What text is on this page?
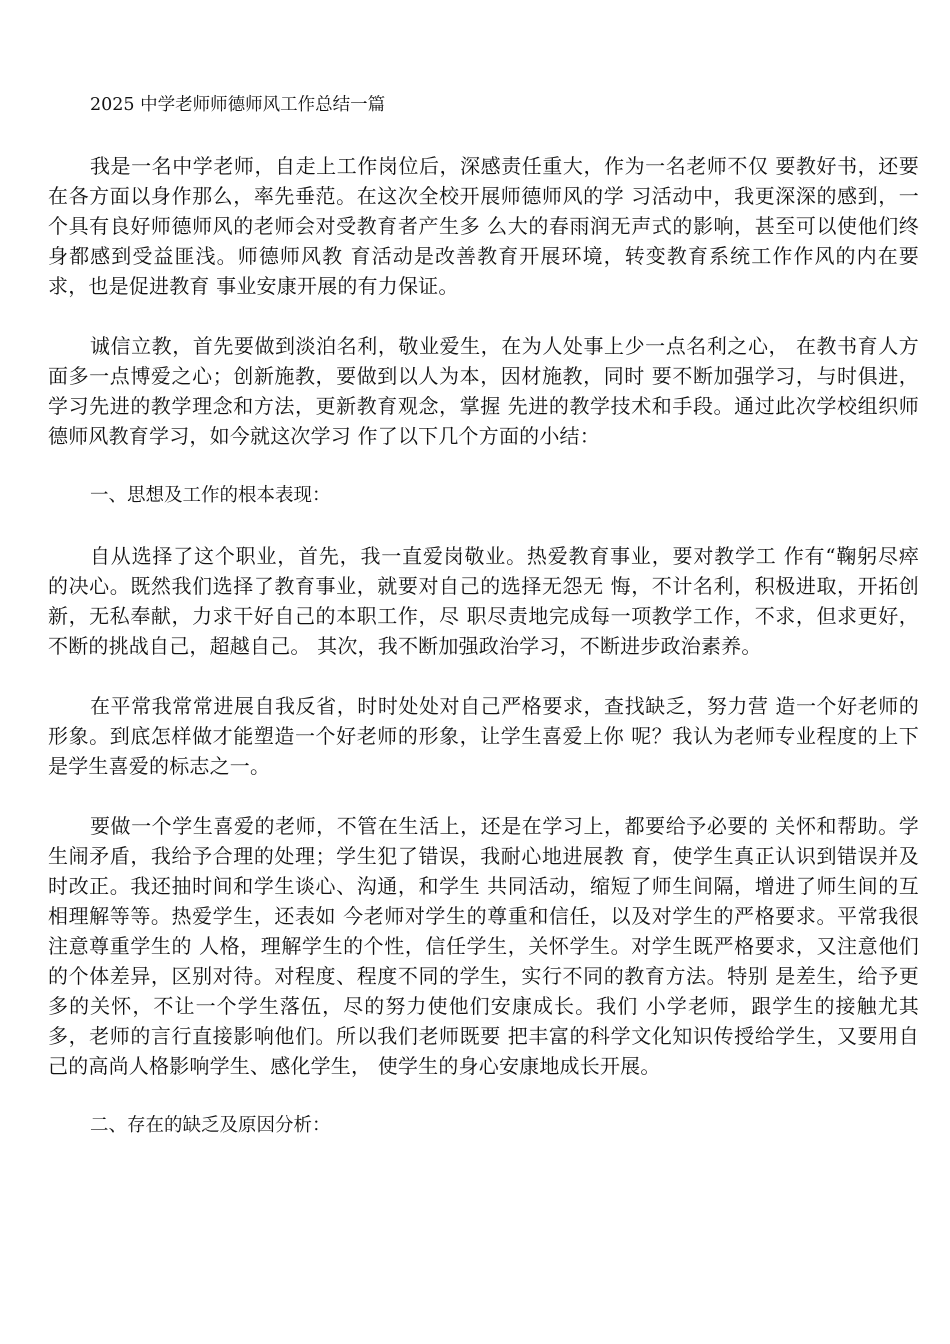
2025 中学老师师德师风工作总结一篇

我是一名中学老师，自走上工作岗位后，深感责任重大，作为一名老师不仅 要教好书，还要在各方面以身作那么，率先垂范。在这次全校开展师德师风的学 习活动中，我更深深的感到，一个具有良好师德师风的老师会对受教育者产生多 么大的春雨润无声式的影响，甚至可以使他们终身都感到受益匪浅。师德师风教 育活动是改善教育开展环境，转变教育系统工作作风的内在要求，也是促进教育 事业安康开展的有力保证。

诚信立教，首先要做到淡泊名利，敬业爱生，在为人处事上少一点名利之心， 在教书育人方面多一点博爱之心；创新施教，要做到以人为本，因材施教，同时 要不断加强学习，与时俱进，学习先进的教学理念和方法，更新教育观念，掌握 先进的教学技术和手段。通过此次学校组织师德师风教育学习，如今就这次学习 作了以下几个方面的小结：

一、思想及工作的根本表现：

自从选择了这个职业，首先，我一直爱岗敬业。热爱教育事业，要对教学工 作有“鞠躬尽瘁 的决心。既然我们选择了教育事业，就要对自己的选择无怨无 悔，不计名利，积极进取，开拓创新，无私奉献，力求干好自己的本职工作，尽 职尽责地完成每一项教学工作，不求，但求更好，不断的挑战自己，超越自己。 其次，我不断加强政治学习，不断进步政治素养。

在平常我常常进展自我反省，时时处处对自己严格要求，查找缺乏，努力营 造一个好老师的形象。到底怎样做才能塑造一个好老师的形象，让学生喜爱上你 呢？我认为老师专业程度的上下是学生喜爱的标志之一。

要做一个学生喜爱的老师，不管在生活上，还是在学习上，都要给予必要的 关怀和帮助。学生闹矛盾，我给予合理的处理；学生犯了错误，我耐心地进展教 育，使学生真正认识到错误并及时改正。我还抽时间和学生谈心、沟通，和学生 共同活动，缩短了师生间隔，增进了师生间的互相理解等等。热爱学生，还表如 今老师对学生的尊重和信任，以及对学生的严格要求。平常我很注意尊重学生的 人格，理解学生的个性，信任学生，关怀学生。对学生既严格要求，又注意他们 的个体差异，区别对待。对程度、程度不同的学生，实行不同的教育方法。特别 是差生，给予更多的关怀，不让一个学生落伍，尽的努力使他们安康成长。我们 小学老师，跟学生的接触尤其多，老师的言行直接影响他们。所以我们老师既要 把丰富的科学文化知识传授给学生，又要用自己的高尚人格影响学生、感化学生， 使学生的身心安康地成长开展。

二、存在的缺乏及原因分析：
